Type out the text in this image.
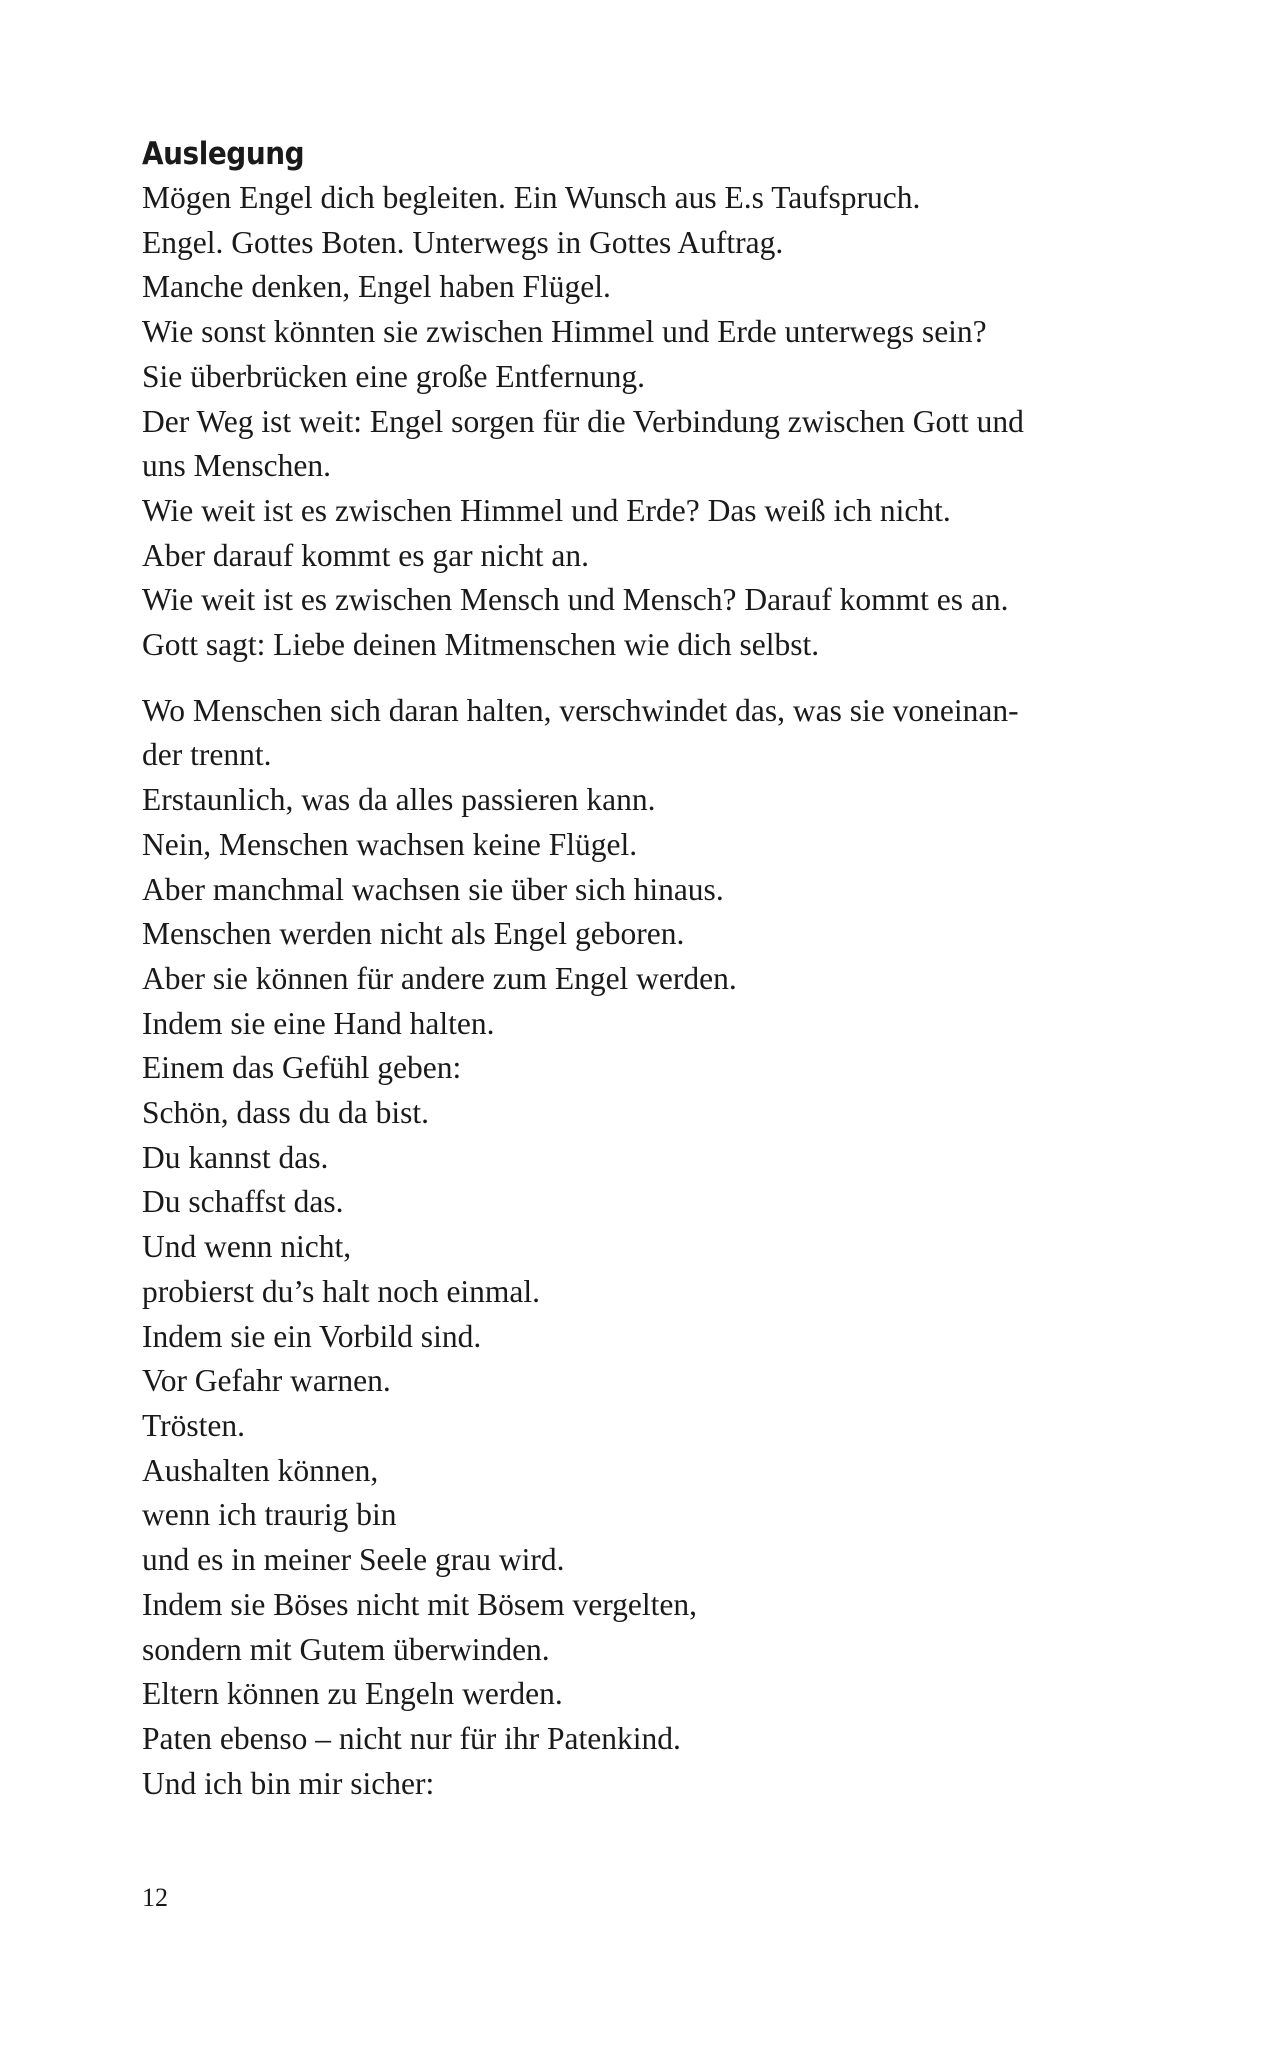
Auslegung
Mögen Engel dich begleiten. Ein Wunsch aus E.s Taufspruch.
Engel. Gottes Boten. Unterwegs in Gottes Auftrag.
Manche denken, Engel haben Flügel.
Wie sonst könnten sie zwischen Himmel und Erde unterwegs sein?
Sie überbrücken eine große Entfernung.
Der Weg ist weit: Engel sorgen für die Verbindung zwischen Gott und
uns Menschen.
Wie weit ist es zwischen Himmel und Erde? Das weiß ich nicht.
Aber darauf kommt es gar nicht an.
Wie weit ist es zwischen Mensch und Mensch? Darauf kommt es an.
Gott sagt: Liebe deinen Mitmenschen wie dich selbst.
Wo Menschen sich daran halten, verschwindet das, was sie voneinan-
der trennt.
Erstaunlich, was da alles passieren kann.
Nein, Menschen wachsen keine Flügel.
Aber manchmal wachsen sie über sich hinaus.
Menschen werden nicht als Engel geboren.
Aber sie können für andere zum Engel werden.
Indem sie eine Hand halten.
Einem das Gefühl geben:
Schön, dass du da bist.
Du kannst das.
Du schaffst das.
Und wenn nicht,
probierst du’s halt noch einmal.
Indem sie ein Vorbild sind.
Vor Gefahr warnen.
Trösten.
Aushalten können,
wenn ich traurig bin
und es in meiner Seele grau wird.
Indem sie Böses nicht mit Bösem vergelten,
sondern mit Gutem überwinden.
Eltern können zu Engeln werden.
Paten ebenso – nicht nur für ihr Patenkind.
Und ich bin mir sicher:

12
